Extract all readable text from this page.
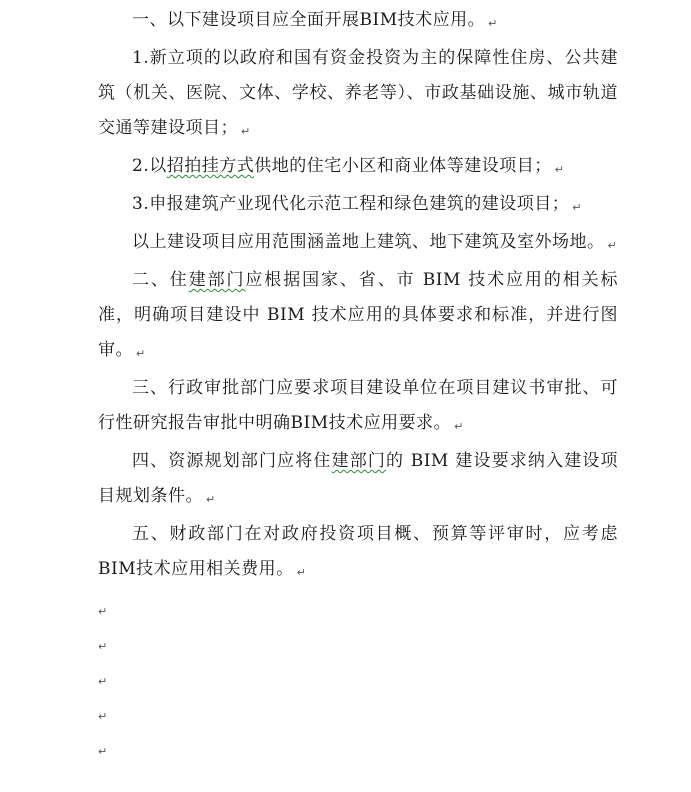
一、以下建设项目应全面开展BIM技术应用。 ↵

1.新立项的以政府和国有资金投资为主的保障性住房、公共建筑（机关、医院、文体、学校、养老等）、市政基础设施、城市轨道交通等建设项目； ↵

2.以招拍挂方式供地的住宅小区和商业体等建设项目； ↵

3.申报建筑产业现代化示范工程和绿色建筑的建设项目； ↵

以上建设项目应用范围涵盖地上建筑、地下建筑及室外场地。 ↵

二、住建部门应根据国家、省、市 BIM 技术应用的相关标准，明确项目建设中 BIM 技术应用的具体要求和标准，并进行图审。 ↵

三、行政审批部门应要求项目建设单位在项目建议书审批、可行性研究报告审批中明确BIM技术应用要求。 ↵

四、资源规划部门应将住建部门的 BIM 建设要求纳入建设项目规划条件。 ↵

五、财政部门在对政府投资项目概、预算等评审时，应考虑BIM技术应用相关费用。 ↵

↵
↵
↵
↵
↵
